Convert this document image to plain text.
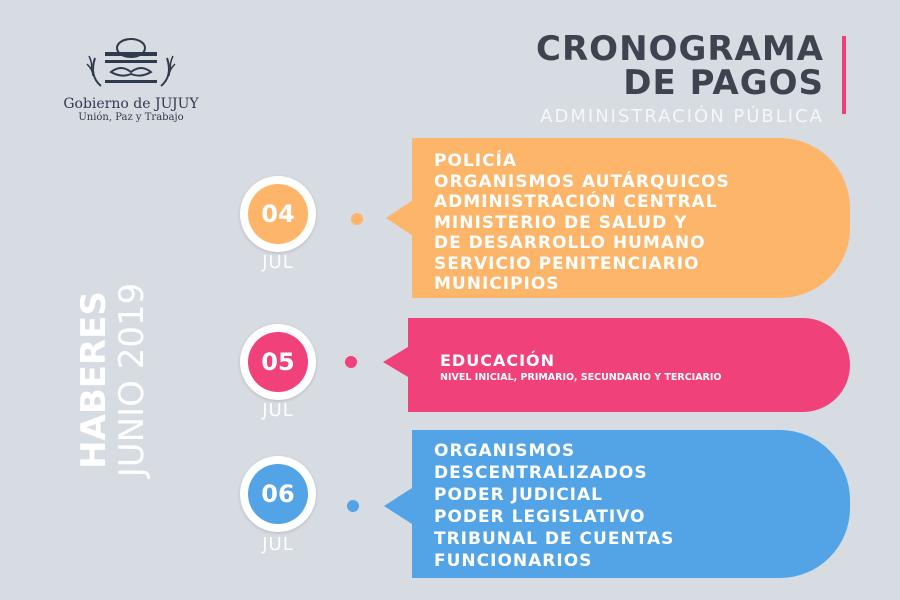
Gobierno de JUJUY
Unión, Paz y Trabajo
CRONOGRAMA
DE PAGOS
ADMINISTRACIÓN PÚBLICA
HABERES
JUNIO 2019
04
JUL
POLICÍA
ORGANISMOS AUTÁRQUICOS
ADMINISTRACIÓN CENTRAL
MINISTERIO DE SALUD Y
DE DESARROLLO HUMANO
SERVICIO PENITENCIARIO
MUNICIPIOS
05
JUL
EDUCACIÓN
NIVEL INICIAL, PRIMARIO, SECUNDARIO Y TERCIARIO
06
JUL
ORGANISMOS
DESCENTRALIZADOS
PODER JUDICIAL
PODER LEGISLATIVO
TRIBUNAL DE CUENTAS
FUNCIONARIOS
